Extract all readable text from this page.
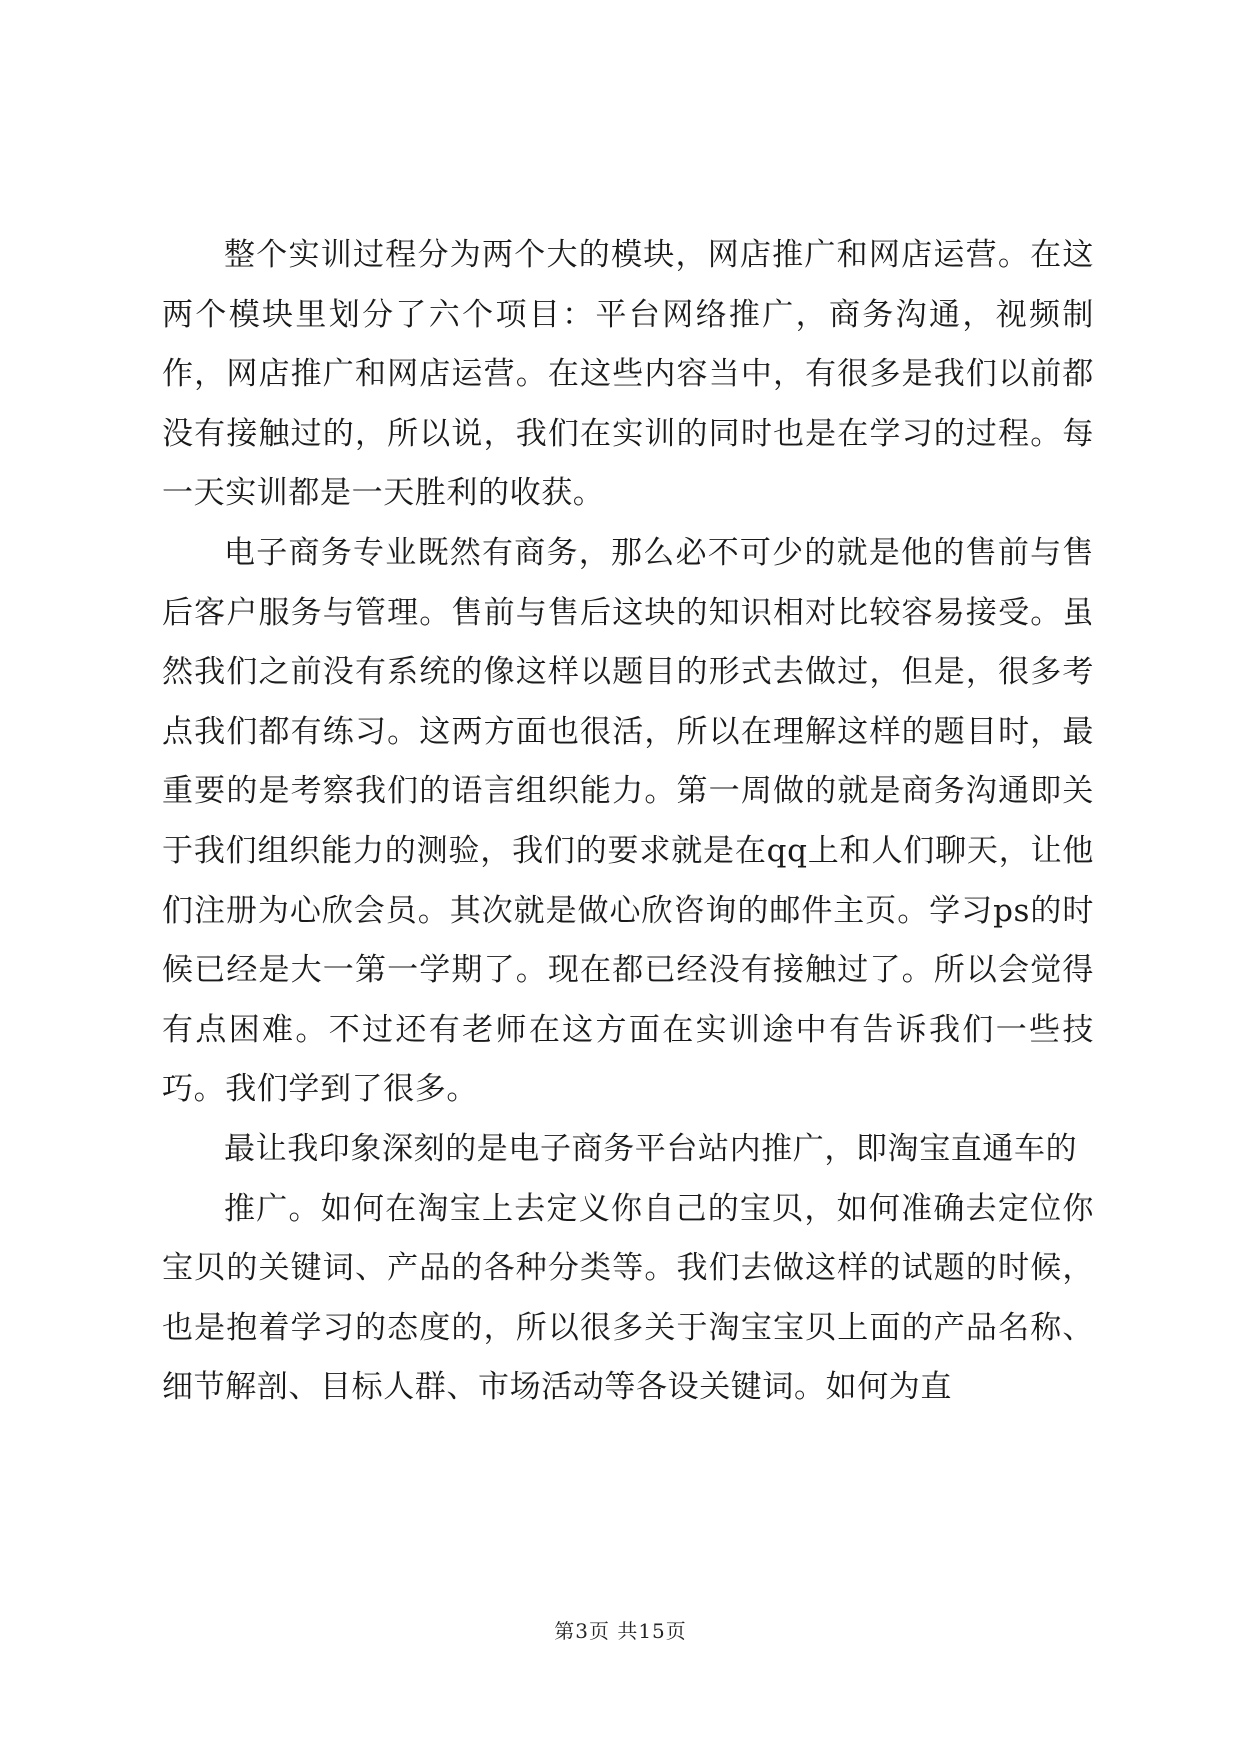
整个实训过程分为两个大的模块，网店推广和网店运营。在这两个模块里划分了六个项目：平台网络推广，商务沟通，视频制作，网店推广和网店运营。在这些内容当中，有很多是我们以前都没有接触过的，所以说，我们在实训的同时也是在学习的过程。每一天实训都是一天胜利的收获。

电子商务专业既然有商务，那么必不可少的就是他的售前与售后客户服务与管理。售前与售后这块的知识相对比较容易接受。虽然我们之前没有系统的像这样以题目的形式去做过，但是，很多考点我们都有练习。这两方面也很活，所以在理解这样的题目时，最重要的是考察我们的语言组织能力。第一周做的就是商务沟通即关于我们组织能力的测验，我们的要求就是在qq上和人们聊天，让他们注册为心欣会员。其次就是做心欣咨询的邮件主页。学习ps的时候已经是大一第一学期了。现在都已经没有接触过了。所以会觉得有点困难。不过还有老师在这方面在实训途中有告诉我们一些技巧。我们学到了很多。

最让我印象深刻的是电子商务平台站内推广，即淘宝直通车的

推广。如何在淘宝上去定义你自己的宝贝，如何准确去定位你宝贝的关键词、产品的各种分类等。我们去做这样的试题的时候，也是抱着学习的态度的，所以很多关于淘宝宝贝上面的产品名称、细节解剖、目标人群、市场活动等各设关键词。如何为直

第3页 共15页
